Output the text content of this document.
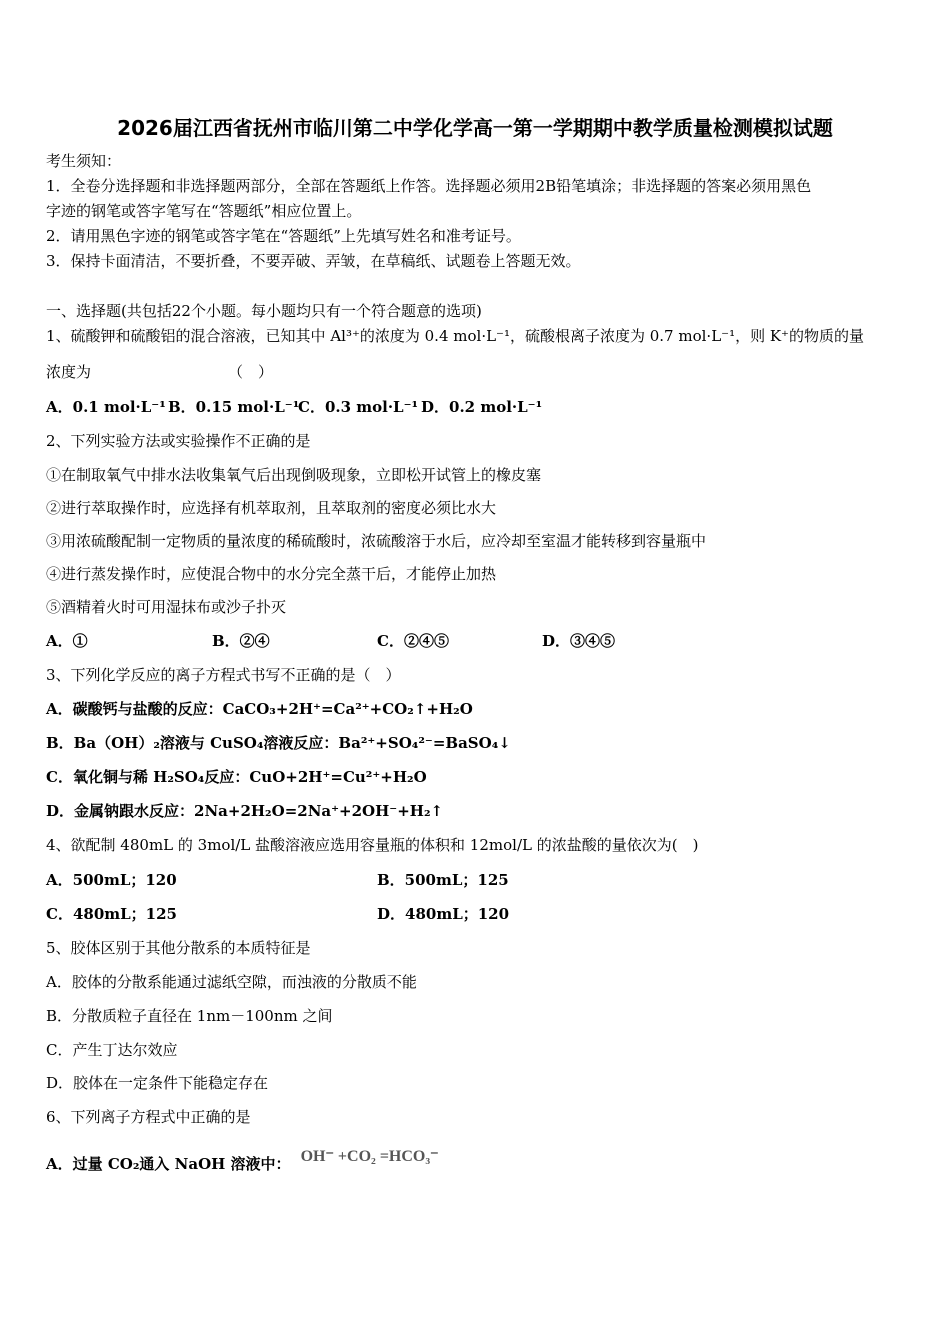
2026届江西省抚州市临川第二中学化学高一第一学期期中教学质量检测模拟试题
考生须知：
1．全卷分选择题和非选择题两部分，全部在答题纸上作答。选择题必须用2B铅笔填涂；非选择题的答案必须用黑色
字迹的钢笔或答字笔写在“答题纸”相应位置上。
2．请用黑色字迹的钢笔或答字笔在“答题纸”上先填写姓名和准考证号。
3．保持卡面清洁，不要折叠，不要弄破、弄皱，在草稿纸、试题卷上答题无效。
一、选择题(共包括22个小题。每小题均只有一个符合题意的选项)
1、硫酸钾和硫酸铝的混合溶液，已知其中 Al³⁺的浓度为 0.4 mol·L⁻¹，硫酸根离子浓度为 0.7 mol·L⁻¹，则 K⁺的物质的量
浓度为	（　）
A．0.1 mol·L⁻¹ B．0.15 mol·L⁻¹
C．0.3 mol·L⁻¹ D．0.2 mol·L⁻¹
2、下列实验方法或实验操作不正确的是
①在制取氧气中排水法收集氧气后出现倒吸现象，立即松开试管上的橡皮塞
②进行萃取操作时，应选择有机萃取剂，且萃取剂的密度必须比水大
③用浓硫酸配制一定物质的量浓度的稀硫酸时，浓硫酸溶于水后，应冷却至室温才能转移到容量瓶中
④进行蒸发操作时，应使混合物中的水分完全蒸干后，才能停止加热
⑤酒精着火时可用湿抹布或沙子扑灭
A．①	B．②④	C．②④⑤	D．③④⑤
3、下列化学反应的离子方程式书写不正确的是（　）
A．碳酸钙与盐酸的反应：CaCO₃+2H⁺=Ca²⁺+CO₂↑+H₂O
B．Ba（OH）₂溶液与 CuSO₄溶液反应：Ba²⁺+SO₄²⁻=BaSO₄↓
C．氧化铜与稀 H₂SO₄反应：CuO+2H⁺=Cu²⁺+H₂O
D．金属钠跟水反应：2Na+2H₂O=2Na⁺+2OH⁻+H₂↑
4、欲配制 480mL 的 3mol/L 盐酸溶液应选用容量瓶的体积和 12mol/L 的浓盐酸的量依次为(　)
A．500mL；120	B．500mL；125
C．480mL；125	D．480mL；120
5、胶体区别于其他分散系的本质特征是
A．胶体的分散系能通过滤纸空隙，而浊液的分散质不能
B．分散质粒子直径在 1nm－100nm 之间
C．产生丁达尔效应
D．胶体在一定条件下能稳定存在
6、下列离子方程式中正确的是
A．过量 CO₂通入 NaOH 溶液中： OH⁻ +CO₂ =HCO₃⁻
